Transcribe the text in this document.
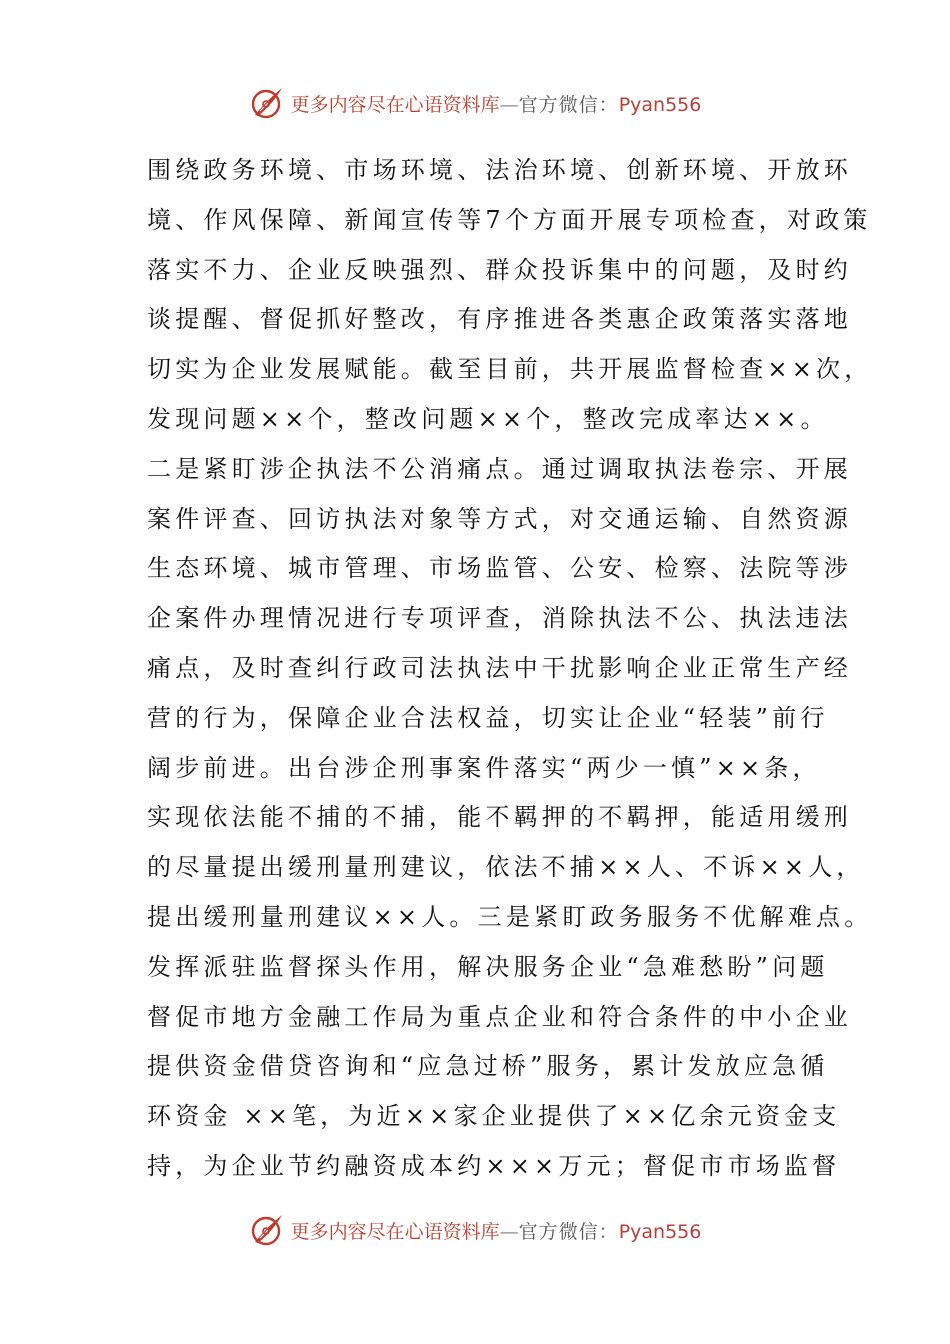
更多内容尽在心语资料库—官方微信：Pyan556
围绕政务环境、市场环境、法治环境、创新环境、开放环
境、作风保障、新闻宣传等7个方面开展专项检查，对政策
落实不力、企业反映强烈、群众投诉集中的问题，及时约
谈提醒、督促抓好整改，有序推进各类惠企政策落实落地
切实为企业发展赋能。截至目前，共开展监督检查××次，
发现问题××个，整改问题××个，整改完成率达××。
二是紧盯涉企执法不公消痛点。通过调取执法卷宗、开展
案件评查、回访执法对象等方式，对交通运输、自然资源
生态环境、城市管理、市场监管、公安、检察、法院等涉
企案件办理情况进行专项评查，消除执法不公、执法违法
痛点，及时查纠行政司法执法中干扰影响企业正常生产经
营的行为，保障企业合法权益，切实让企业“轻装”前行
阔步前进。出台涉企刑事案件落实“两少一慎”××条，
实现依法能不捕的不捕，能不羁押的不羁押，能适用缓刑
的尽量提出缓刑量刑建议，依法不捕××人、不诉××人，
提出缓刑量刑建议××人。三是紧盯政务服务不优解难点。
发挥派驻监督探头作用，解决服务企业“急难愁盼”问题
督促市地方金融工作局为重点企业和符合条件的中小企业
提供资金借贷咨询和“应急过桥”服务，累计发放应急循
环资金 ××笔，为近××家企业提供了××亿余元资金支
持，为企业节约融资成本约×××万元；督促市市场监督
更多内容尽在心语资料库—官方微信：Pyan556
